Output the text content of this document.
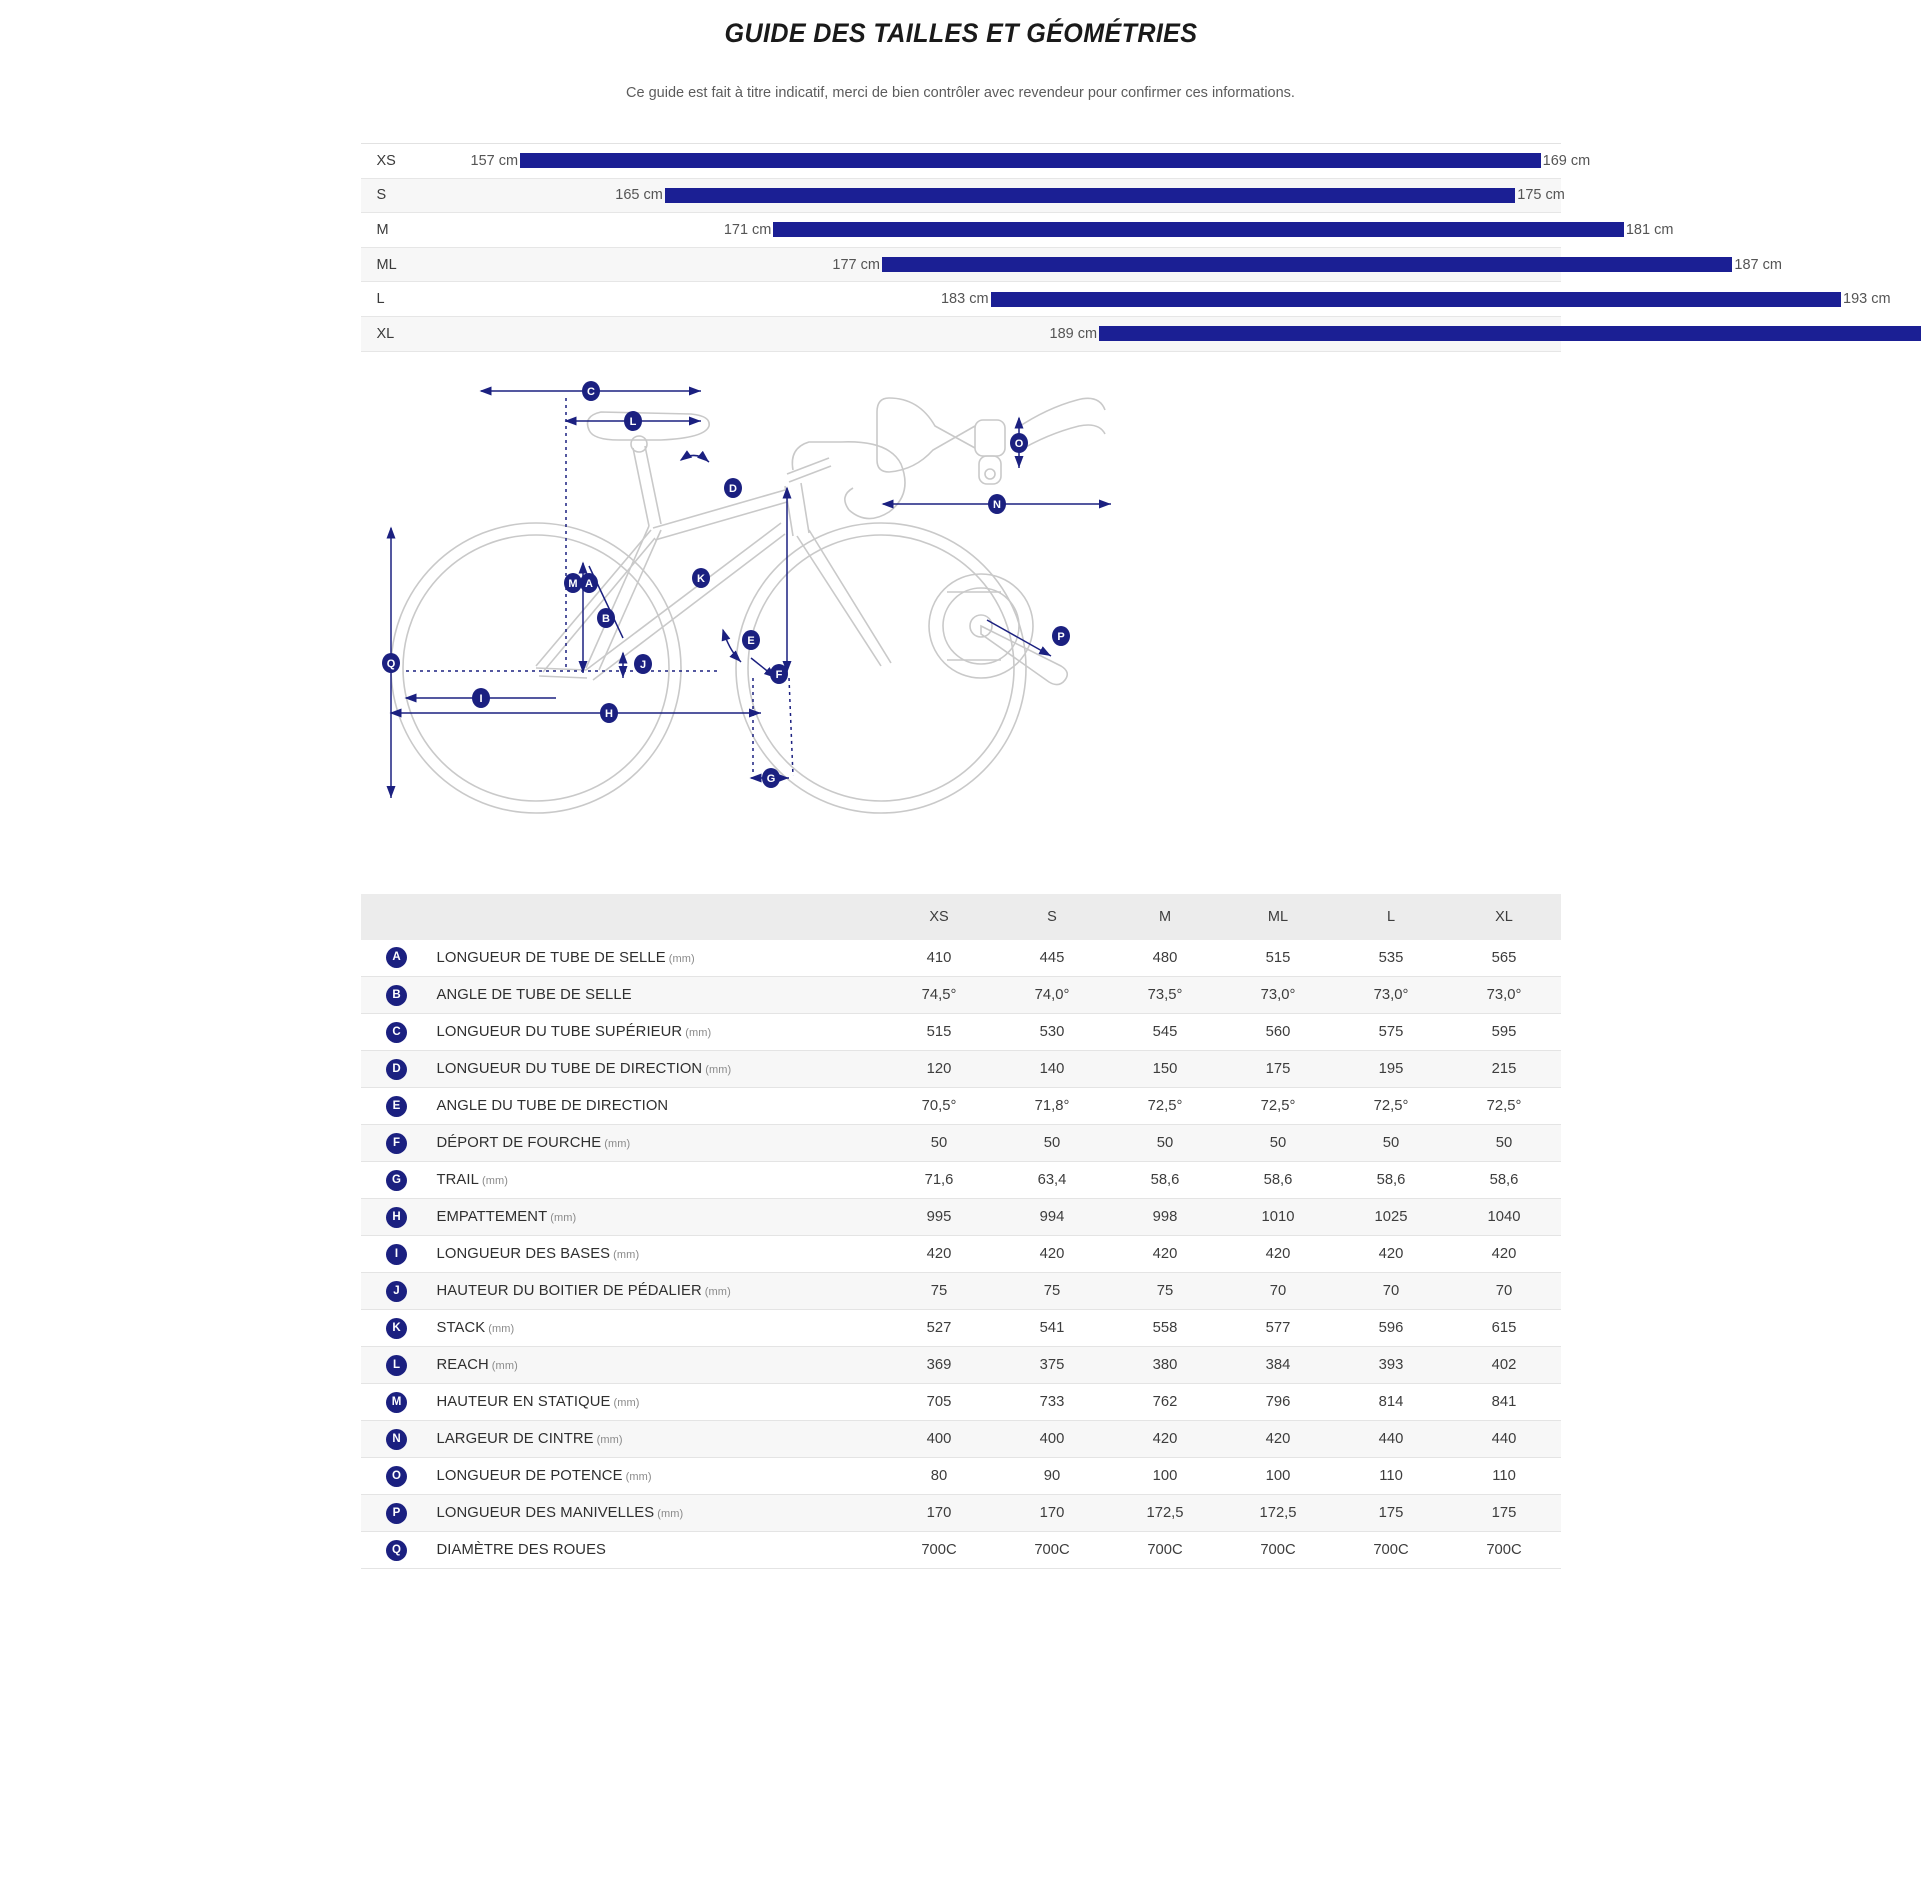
GUIDE DES TAILLES ET GÉOMÉTRIES
Ce guide est fait à titre indicatif, merci de bien contrôler avec revendeur pour confirmer ces informations.
XS	157 cm	169 cm
S	165 cm	175 cm
M	171 cm	181 cm
ML	177 cm	187 cm
L	183 cm	193 cm
XL	189 cm
A
B
C
L
D
E
F
G
H
I
J
K
M
N
O
P
Q
		XS	S	M	ML	L	XL
A	LONGUEUR DE TUBE DE SELLE (mm)	410	445	480	515	535	565
B	ANGLE DE TUBE DE SELLE	74,5°	74,0°	73,5°	73,0°	73,0°	73,0°
C	LONGUEUR DU TUBE SUPÉRIEUR (mm)	515	530	545	560	575	595
D	LONGUEUR DU TUBE DE DIRECTION (mm)	120	140	150	175	195	215
E	ANGLE DU TUBE DE DIRECTION	70,5°	71,8°	72,5°	72,5°	72,5°	72,5°
F	DÉPORT DE FOURCHE (mm)	50	50	50	50	50	50
G	TRAIL (mm)	71,6	63,4	58,6	58,6	58,6	58,6
H	EMPATTEMENT (mm)	995	994	998	1010	1025	1040
I	LONGUEUR DES BASES (mm)	420	420	420	420	420	420
J	HAUTEUR DU BOITIER DE PÉDALIER (mm)	75	75	75	70	70	70
K	STACK (mm)	527	541	558	577	596	615
L	REACH (mm)	369	375	380	384	393	402
M	HAUTEUR EN STATIQUE (mm)	705	733	762	796	814	841
N	LARGEUR DE CINTRE (mm)	400	400	420	420	440	440
O	LONGUEUR DE POTENCE (mm)	80	90	100	100	110	110
P	LONGUEUR DES MANIVELLES (mm)	170	170	172,5	172,5	175	175
Q	DIAMÈTRE DES ROUES	700C	700C	700C	700C	700C	700C
